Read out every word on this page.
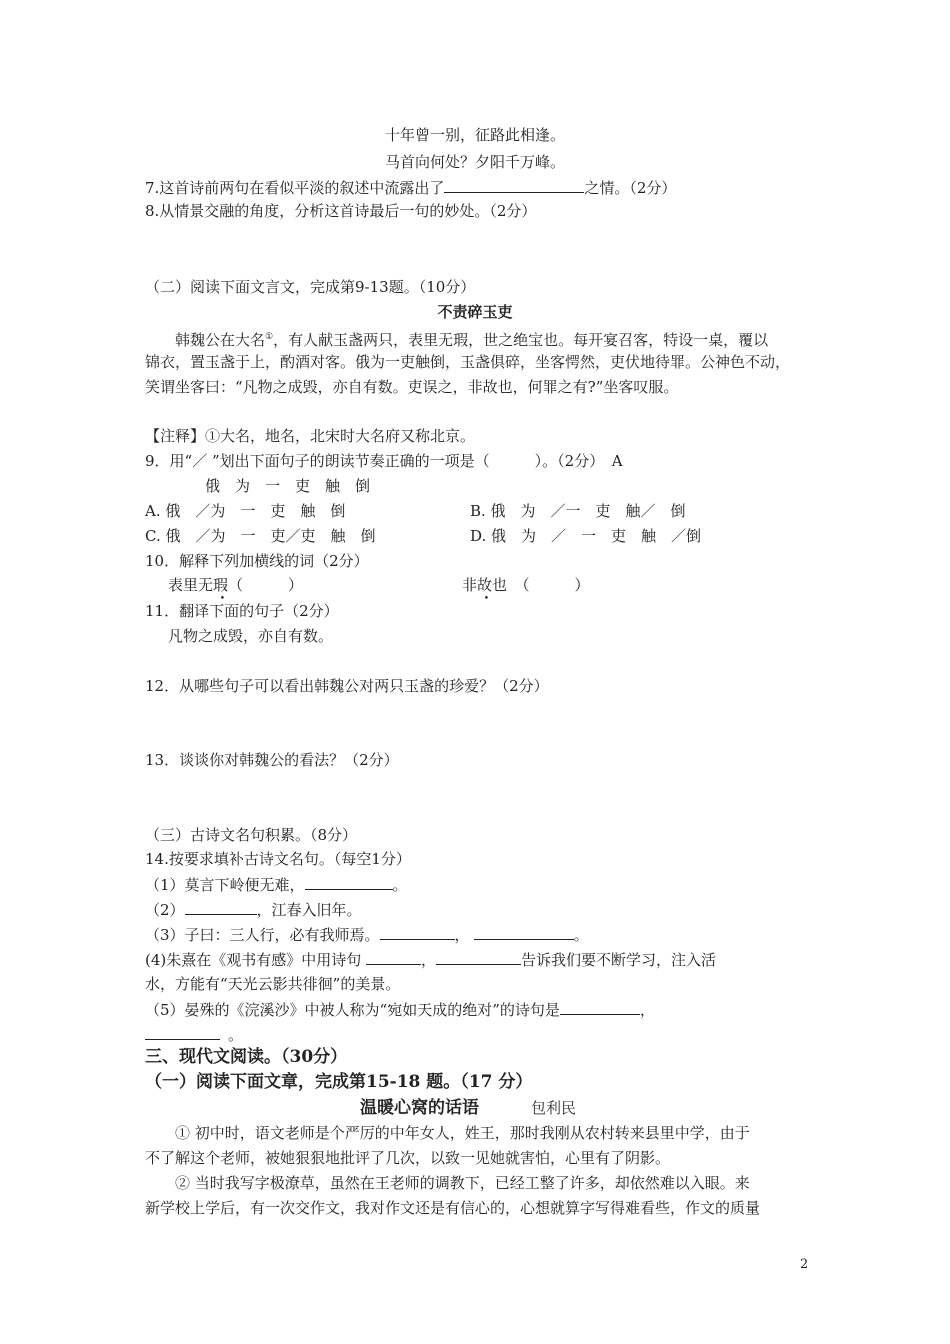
十年曾一别，征路此相逢。
马首向何处？夕阳千万峰。
7.这首诗前两句在看似平淡的叙述中流露出了	之情。（2分）
8.从情景交融的角度，分析这首诗最后一句的妙处。（2分）
（二）阅读下面文言文，完成第9-13题。（10分）
不责碎玉吏
韩魏公在大名①，有人献玉盏两只，表里无瑕，世之绝宝也。每开宴召客，特设一桌，覆以
锦衣，置玉盏于上，酌酒对客。俄为一吏触倒，玉盏俱碎，坐客愕然，吏伏地待罪。公神色不动，
笑谓坐客曰：“凡物之成毁，亦自有数。吏误之，非故也，何罪之有?”坐客叹服。
【注释】①大名，地名，北宋时大名府又称北京。
9．用“／ ”划出下面句子的朗读节奏正确的一项是（　　　）。（2分）　A
俄　为　一　吏　触　倒
A. 俄　／为　一　吏　触　倒	B. 俄　为　／一　吏　触／　倒
C. 俄　／为　一　吏／吏　触　倒	D. 俄　为　／　一　吏　触　／倒
10．解释下列加横线的词（2分）
表里无瑕（　　　）	非故也　（　　　）
11．翻译下面的句子（2分）
凡物之成毁，亦自有数。
12．从哪些句子可以看出韩魏公对两只玉盏的珍爱？（2分）
13．谈谈你对韩魏公的看法？（2分）
（三）古诗文名句积累。（8分）
14.按要求填补古诗文名句。（每空1分）
（1）莫言下岭便无难，	。
（2）	，江春入旧年。
（3）子曰：三人行，必有我师焉。	，	。
(4)朱熹在《观书有感》中用诗句	，	告诉我们要不断学习，注入活
水，方能有“天光云影共徘徊”的美景。
（5）晏殊的《浣溪沙》中被人称为“宛如天成的绝对”的诗句是	，
。
三、现代文阅读。（30分）
（一）阅读下面文章，完成第15-18 题。（17 分）
温暖心窝的话语	包利民
① 初中时，语文老师是个严厉的中年女人，姓王，那时我刚从农村转来县里中学，由于
不了解这个老师，被她狠狠地批评了几次，以致一见她就害怕，心里有了阴影。
② 当时我写字极潦草，虽然在王老师的调教下，已经工整了许多，却依然难以入眼。来
新学校上学后，有一次交作文，我对作文还是有信心的，心想就算字写得难看些，作文的质量
2
